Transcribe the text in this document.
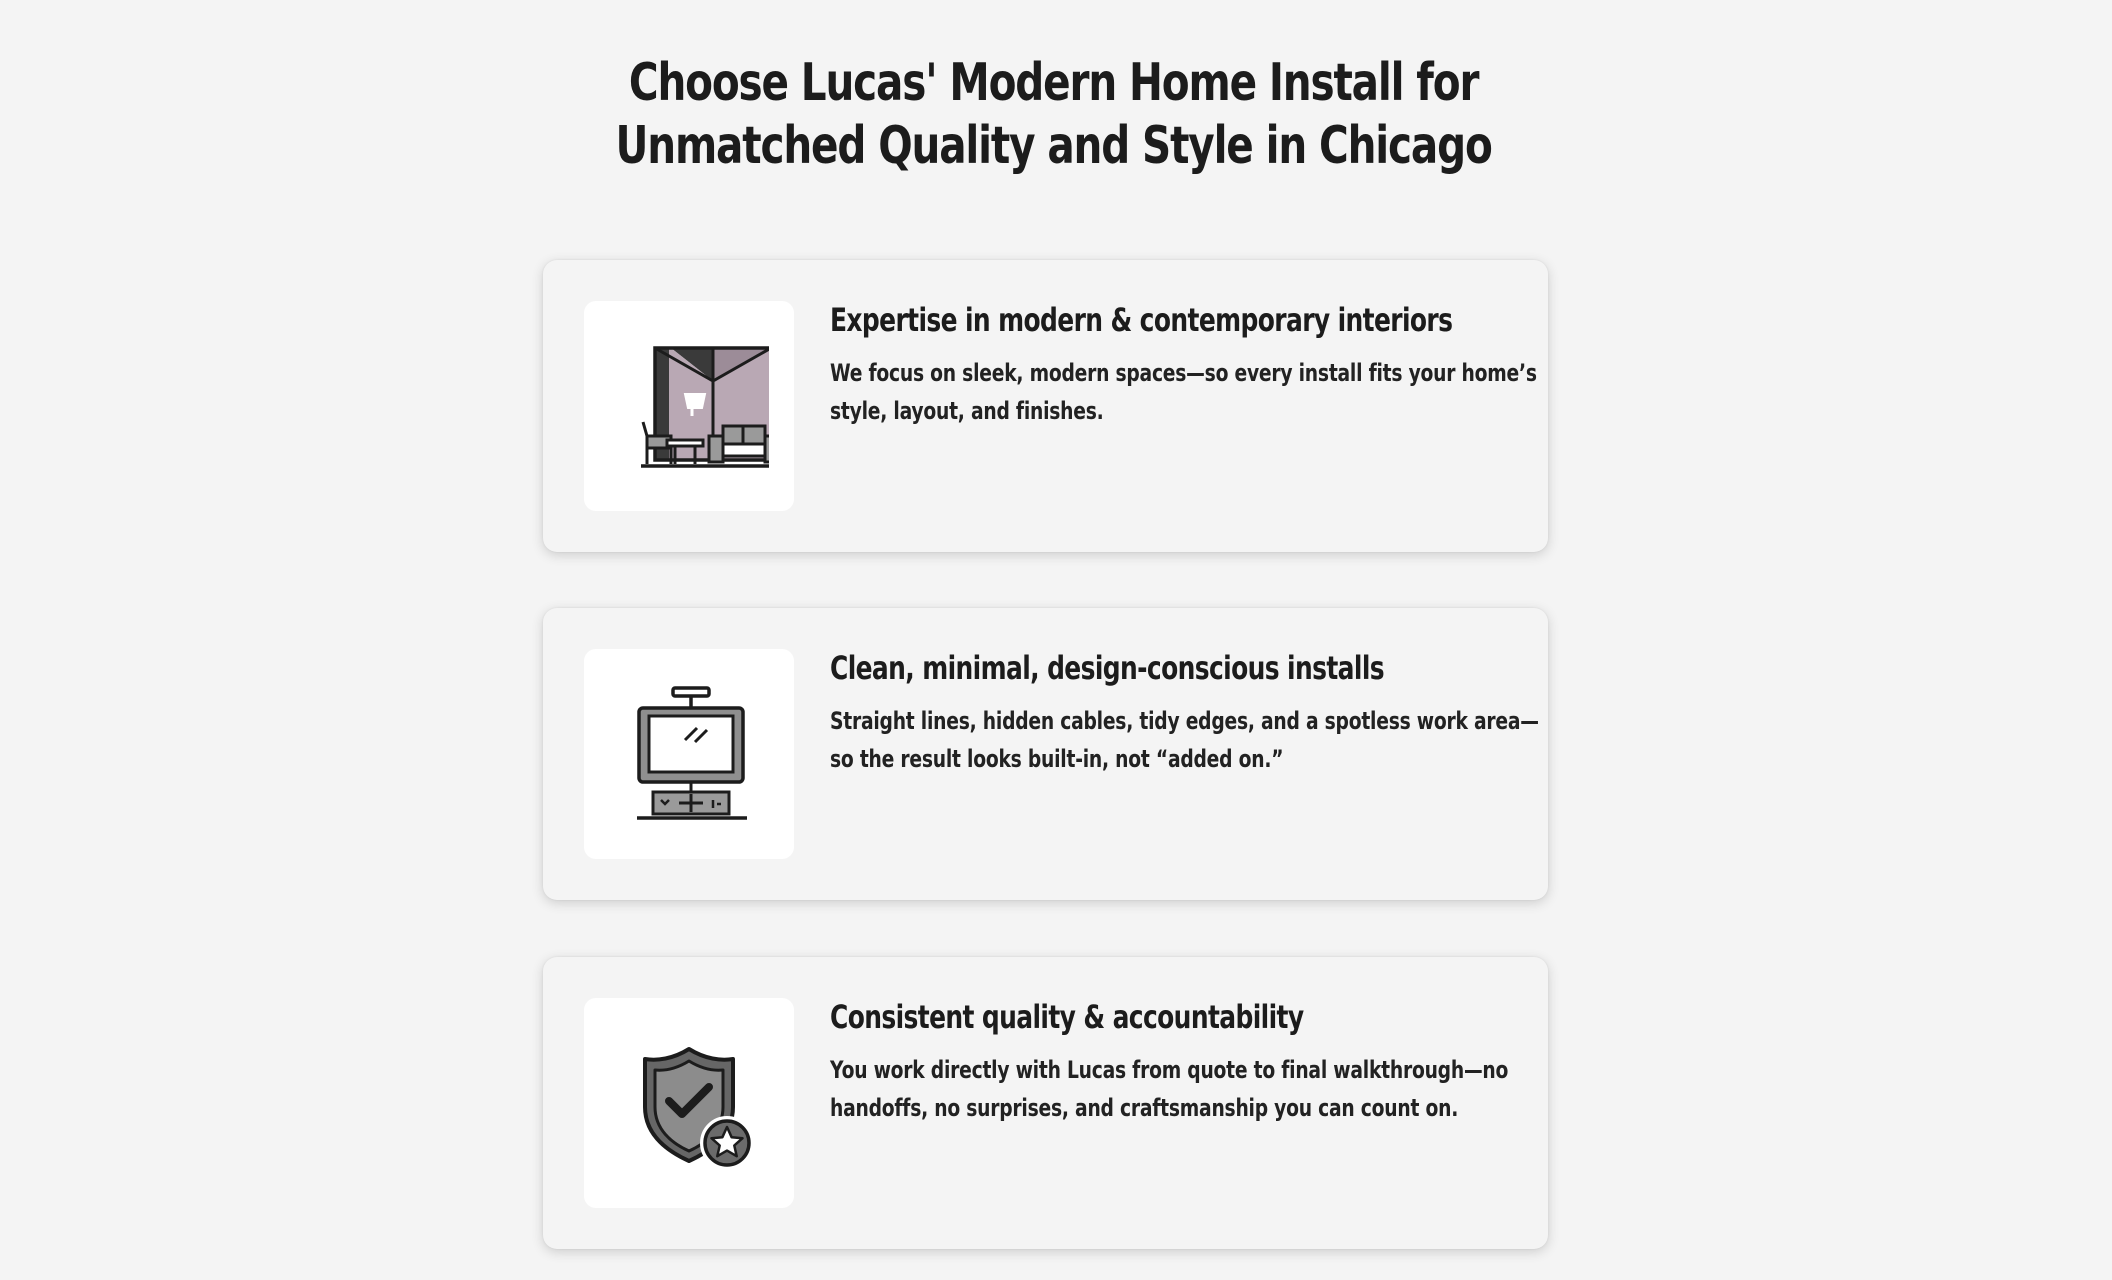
Choose Lucas' Modern Home Install for
Unmatched Quality and Style in Chicago
Expertise in modern & contemporary interiors
We focus on sleek, modern spaces—so every install fits your home’s
style, layout, and finishes.
Clean, minimal, design-conscious installs
Straight lines, hidden cables, tidy edges, and a spotless work area—
so the result looks built-in, not “added on.”
Consistent quality & accountability
You work directly with Lucas from quote to final walkthrough—no
handoffs, no surprises, and craftsmanship you can count on.
